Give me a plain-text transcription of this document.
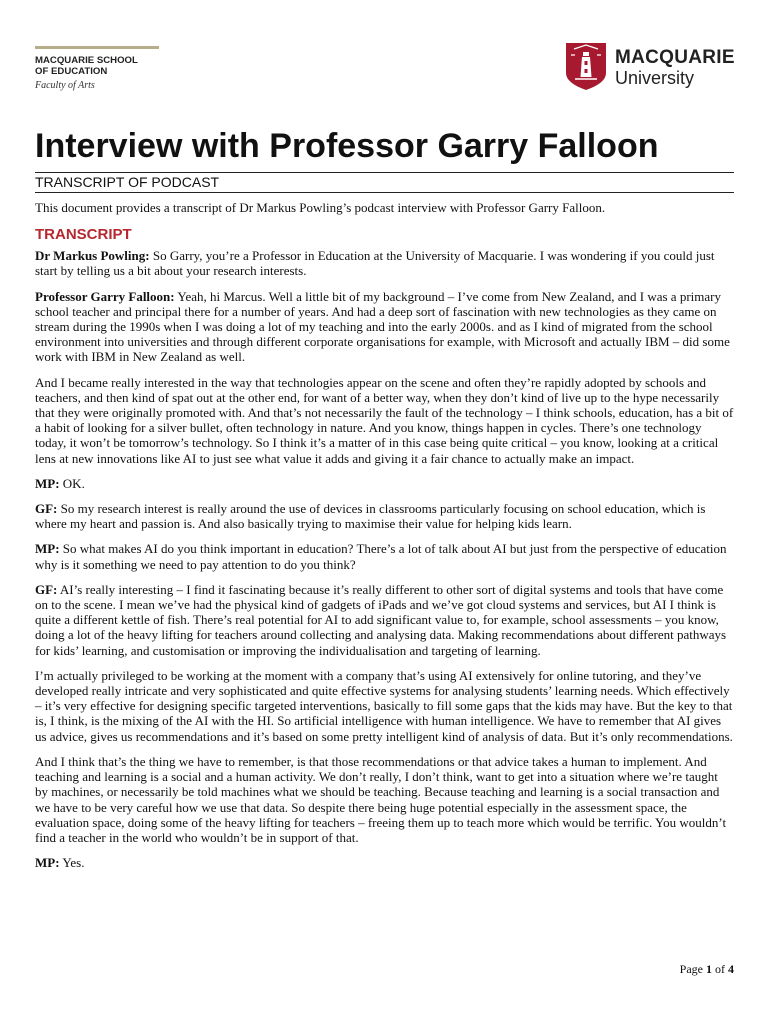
MACQUARIE SCHOOL
OF EDUCATION
Faculty of Arts
MACQUARIE
University
Interview with Professor Garry Falloon
TRANSCRIPT OF PODCAST

This document provides a transcript of Dr Markus Powling’s podcast interview with Professor Garry Falloon.

TRANSCRIPT

Dr Markus Powling: So Garry, you’re a Professor in Education at the University of Macquarie. I was wondering if you could just start by telling us a bit about your research interests.

Professor Garry Falloon: Yeah, hi Marcus. Well a little bit of my background – I’ve come from New Zealand, and I was a primary school teacher and principal there for a number of years. And had a deep sort of fascination with new technologies as they came on stream during the 1990s when I was doing a lot of my teaching and into the early 2000s. and as I kind of migrated from the school environment into universities and through different corporate organisations for example, with Microsoft and actually IBM – did some work with IBM in New Zealand as well.

And I became really interested in the way that technologies appear on the scene and often they’re rapidly adopted by schools and teachers, and then kind of spat out at the other end, for want of a better way, when they don’t kind of live up to the hype necessarily that they were originally promoted with. And that’s not necessarily the fault of the technology – I think schools, education, has a bit of a habit of looking for a silver bullet, often technology in nature. And you know, things happen in cycles. There’s one technology today, it won’t be tomorrow’s technology. So I think it’s a matter of in this case being quite critical – you know, looking at a critical lens at new innovations like AI to just see what value it adds and giving it a fair chance to actually make an impact.

MP: OK.

GF: So my research interest is really around the use of devices in classrooms particularly focusing on school education, which is where my heart and passion is. And also basically trying to maximise their value for helping kids learn.

MP: So what makes AI do you think important in education? There’s a lot of talk about AI but just from the perspective of education why is it something we need to pay attention to do you think?

GF: AI’s really interesting – I find it fascinating because it’s really different to other sort of digital systems and tools that have come on to the scene. I mean we’ve had the physical kind of gadgets of iPads and we’ve got cloud systems and services, but AI I think is quite a different kettle of fish. There’s real potential for AI to add significant value to, for example, school assessments – you know, doing a lot of the heavy lifting for teachers around collecting and analysing data. Making recommendations about different pathways for kids’ learning, and customisation or improving the individualisation and targeting of learning.

I’m actually privileged to be working at the moment with a company that’s using AI extensively for online tutoring, and they’ve developed really intricate and very sophisticated and quite effective systems for analysing students’ learning needs. Which effectively – it’s very effective for designing specific targeted interventions, basically to fill some gaps that the kids may have. But the key to that is, I think, is the mixing of the AI with the HI. So artificial intelligence with human intelligence. We have to remember that AI gives us advice, gives us recommendations and it’s based on some pretty intelligent kind of analysis of data. But it’s only recommendations.

And I think that’s the thing we have to remember, is that those recommendations or that advice takes a human to implement. And teaching and learning is a social and a human activity. We don’t really, I don’t think, want to get into a situation where we’re taught by machines, or necessarily be told machines what we should be teaching. Because teaching and learning is a social transaction and we have to be very careful how we use that data. So despite there being huge potential especially in the assessment space, the evaluation space, doing some of the heavy lifting for teachers – freeing them up to teach more which would be terrific. You wouldn’t find a teacher in the world who wouldn’t be in support of that.

MP: Yes.

Page 1 of 4
